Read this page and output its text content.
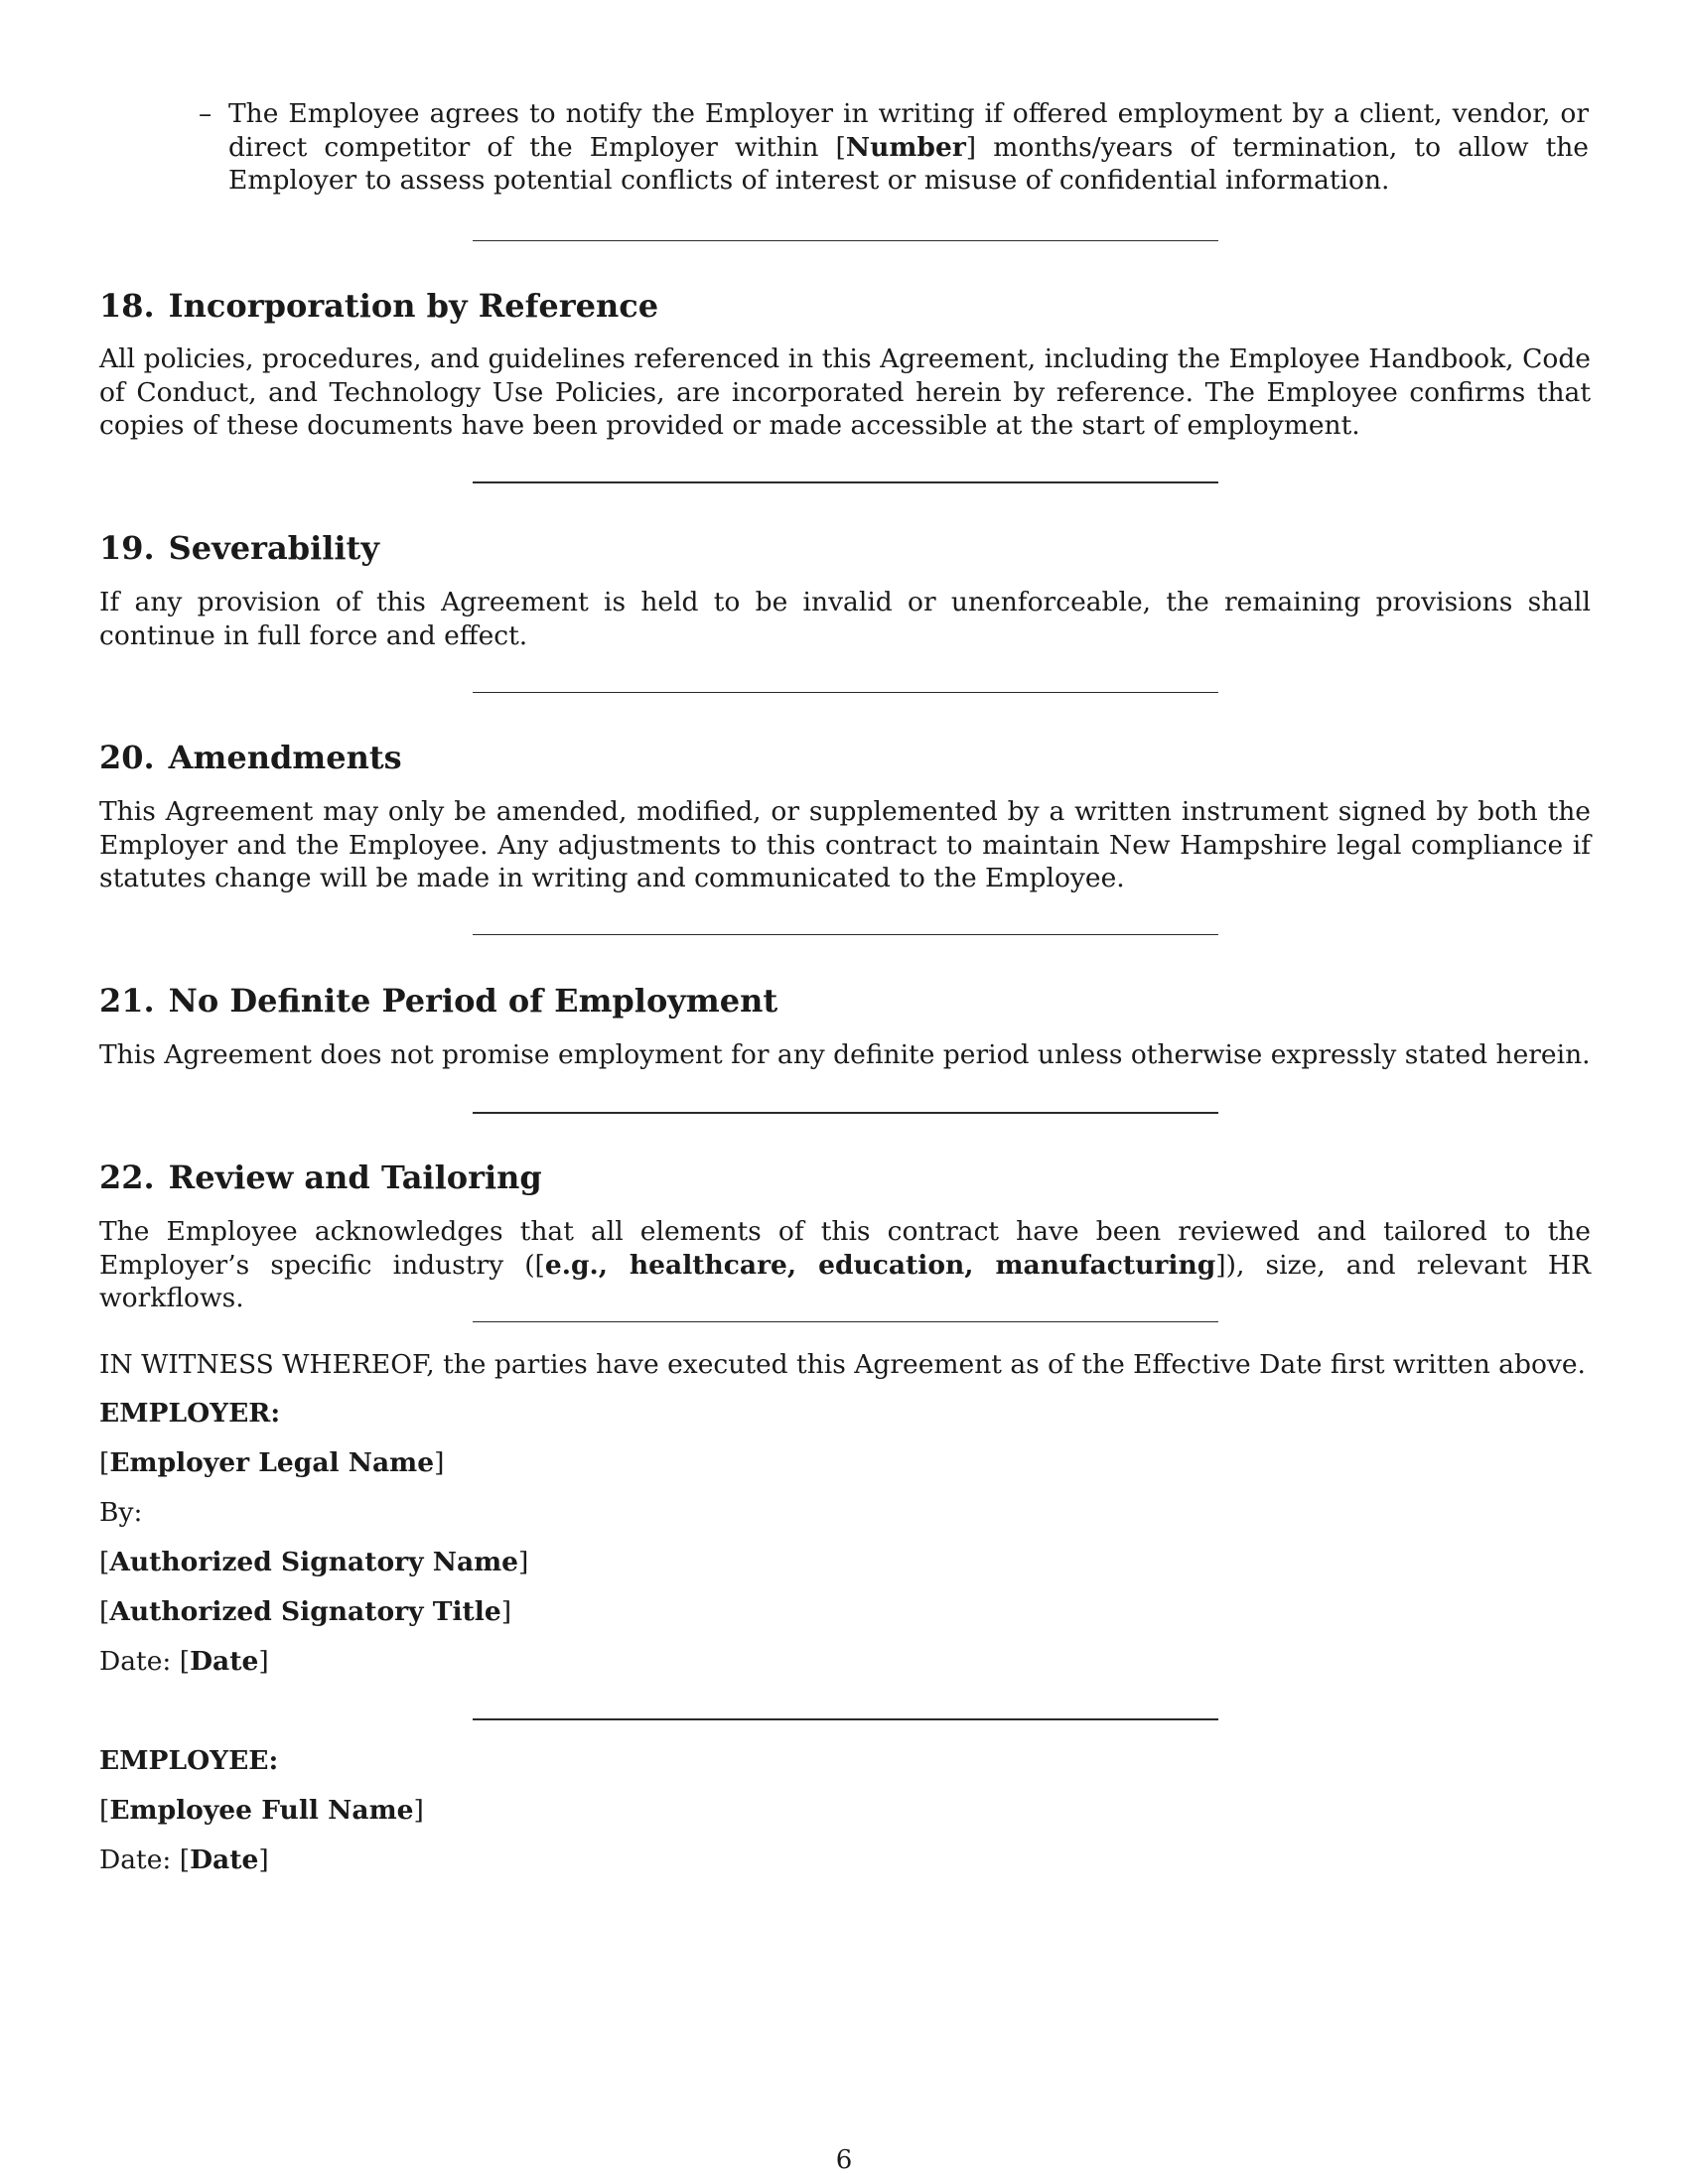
– The Employee agrees to notify the Employer in writing if offered employment by a client, vendor, or direct competitor of the Employer within [Number] months/years of termination, to allow the Employer to assess potential conflicts of interest or misuse of confidential information.
18. Incorporation by Reference
All policies, procedures, and guidelines referenced in this Agreement, including the Employee Handbook, Code of Conduct, and Technology Use Policies, are incorporated herein by reference. The Employee confirms that copies of these documents have been provided or made accessible at the start of employment.
19. Severability
If any provision of this Agreement is held to be invalid or unenforceable, the remaining provisions shall continue in full force and effect.
20. Amendments
This Agreement may only be amended, modified, or supplemented by a written instrument signed by both the Employer and the Employee. Any adjustments to this contract to maintain New Hampshire legal compliance if statutes change will be made in writing and communicated to the Employee.
21. No Definite Period of Employment
This Agreement does not promise employment for any definite period unless otherwise expressly stated herein.
22. Review and Tailoring
The Employee acknowledges that all elements of this contract have been reviewed and tailored to the Employer’s specific industry ([e.g., healthcare, education, manufacturing]), size, and relevant HR workflows.
IN WITNESS WHEREOF, the parties have executed this Agreement as of the Effective Date first written above.
EMPLOYER:
[Employer Legal Name]
By:
[Authorized Signatory Name]
[Authorized Signatory Title]
Date: [Date]
EMPLOYEE:
[Employee Full Name]
Date: [Date]
6
